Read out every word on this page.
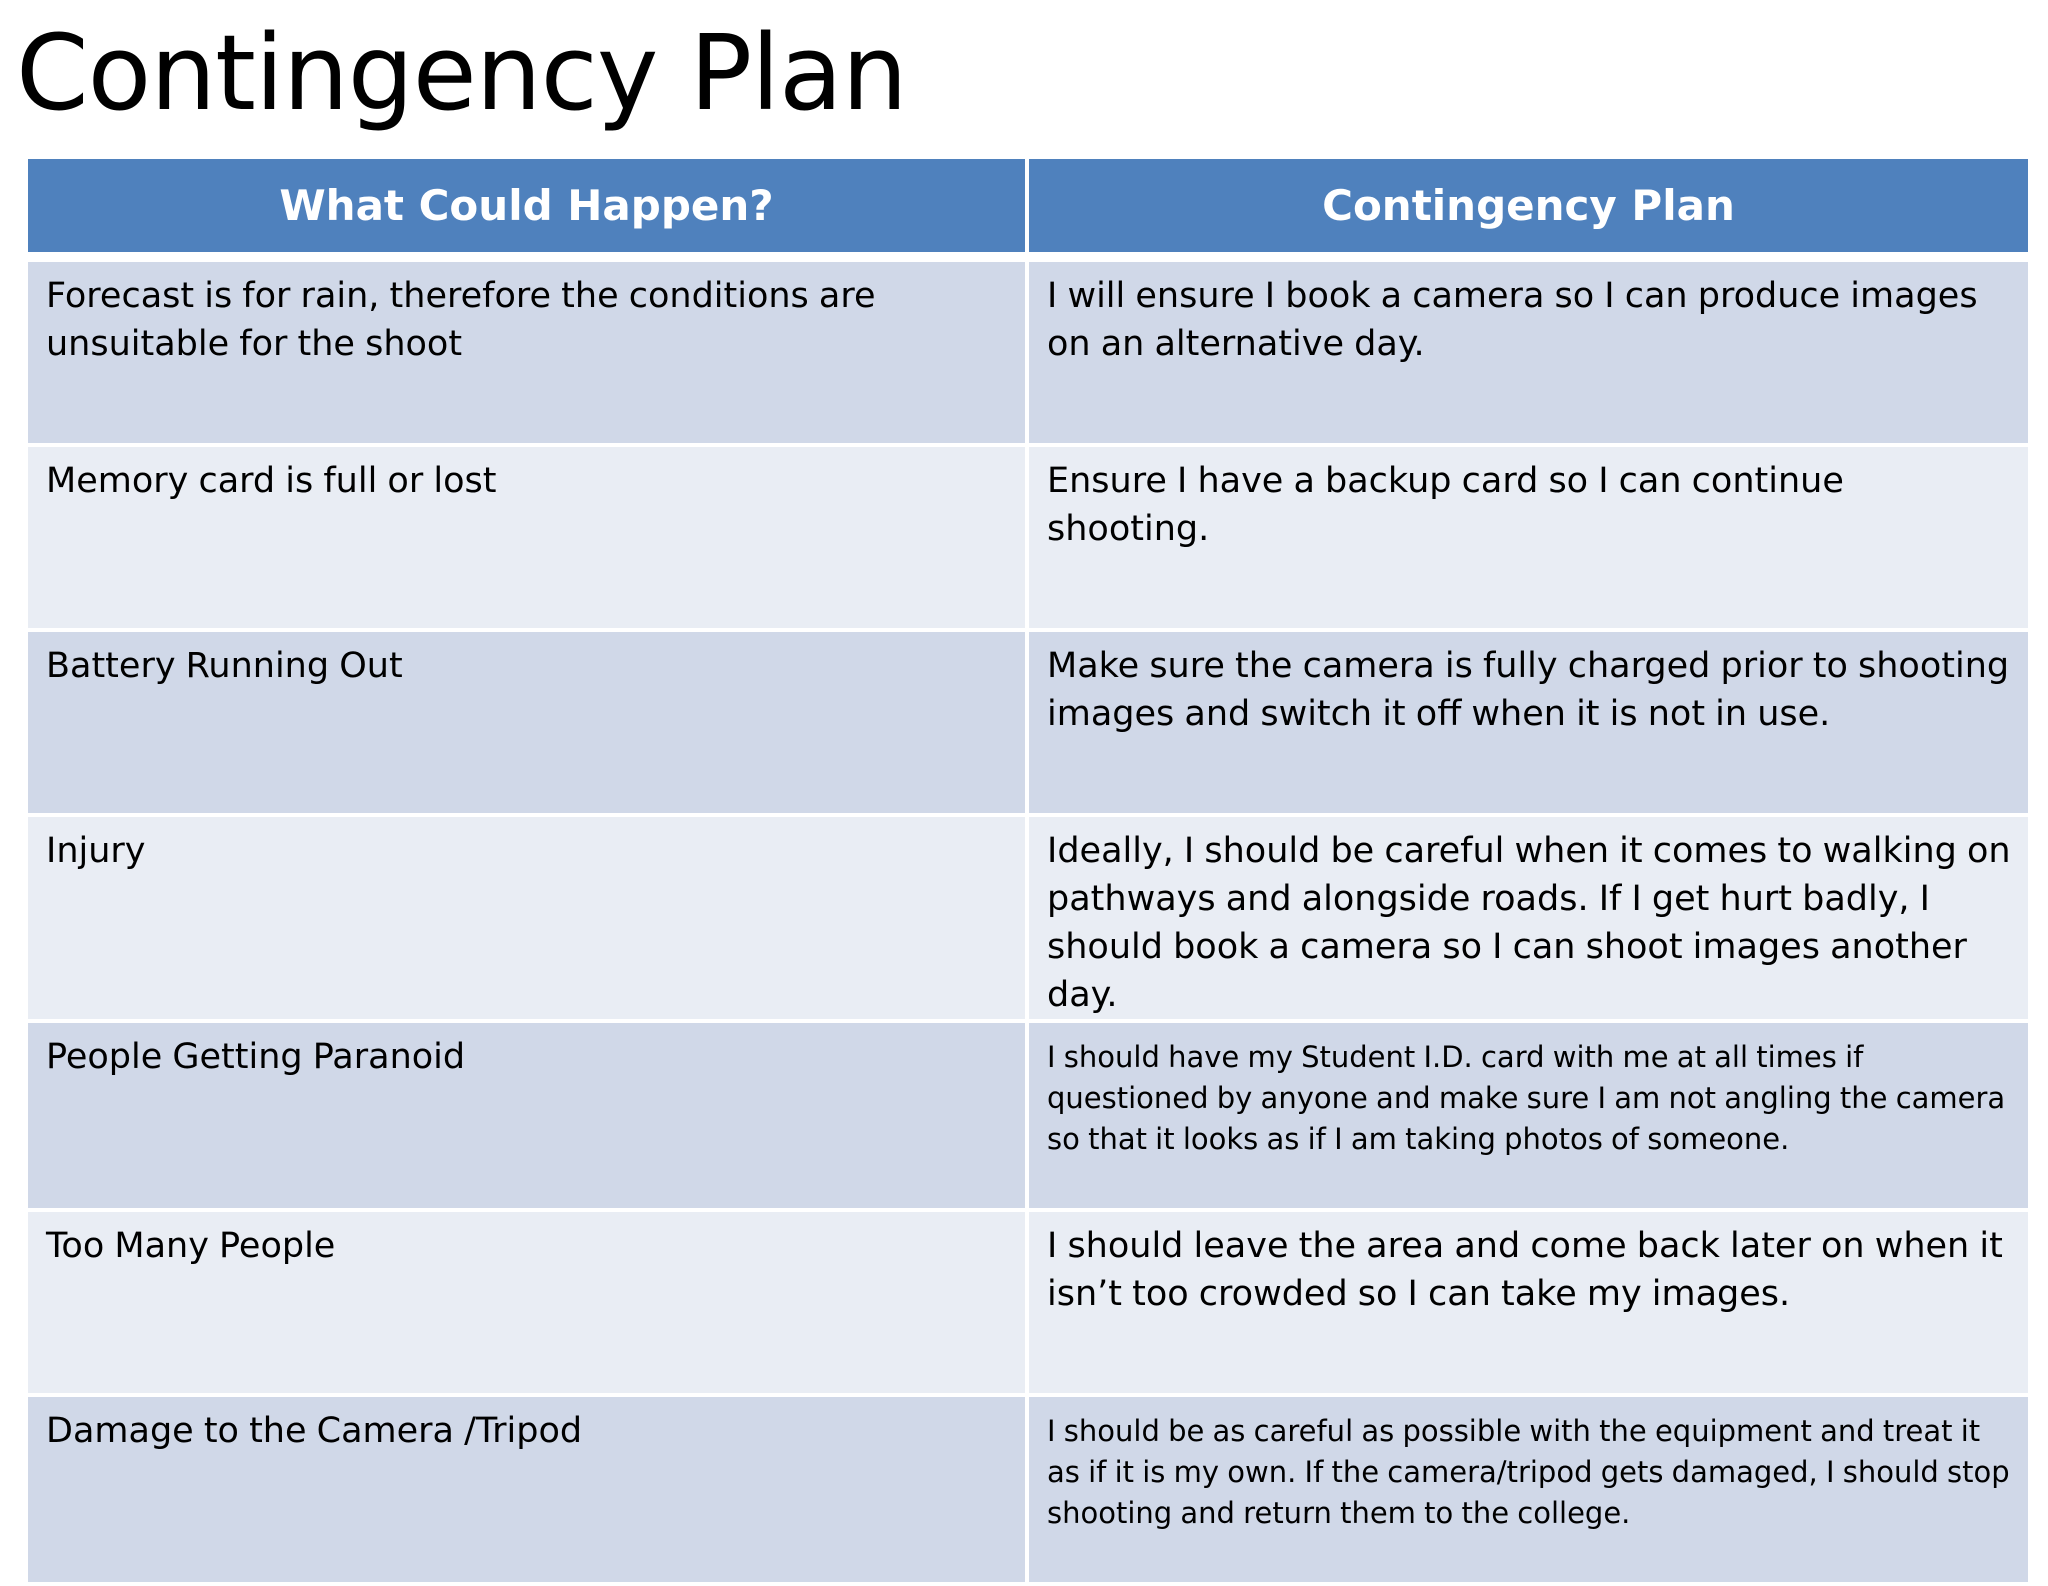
Contingency Plan
What Could Happen?	Contingency Plan
Forecast is for rain, therefore the conditions are unsuitable for the shoot	I will ensure I book a camera so I can produce images on an alternative day.
Memory card is full or lost	Ensure I have a backup card so I can continue shooting.
Battery Running Out	Make sure the camera is fully charged prior to shooting images and switch it off when it is not in use.
Injury	Ideally, I should be careful when it comes to walking on pathways and alongside roads. If I get hurt badly, I should book a camera so I can shoot images another day.
People Getting Paranoid	I should have my Student I.D. card with me at all times if questioned by anyone and make sure I am not angling the camera so that it looks as if I am taking photos of someone.
Too Many People	I should leave the area and come back later on when it isn’t too crowded so I can take my images.
Damage to the Camera /Tripod	I should be as careful as possible with the equipment and treat it as if it is my own. If the camera/tripod gets damaged, I should stop shooting and return them to the college.
